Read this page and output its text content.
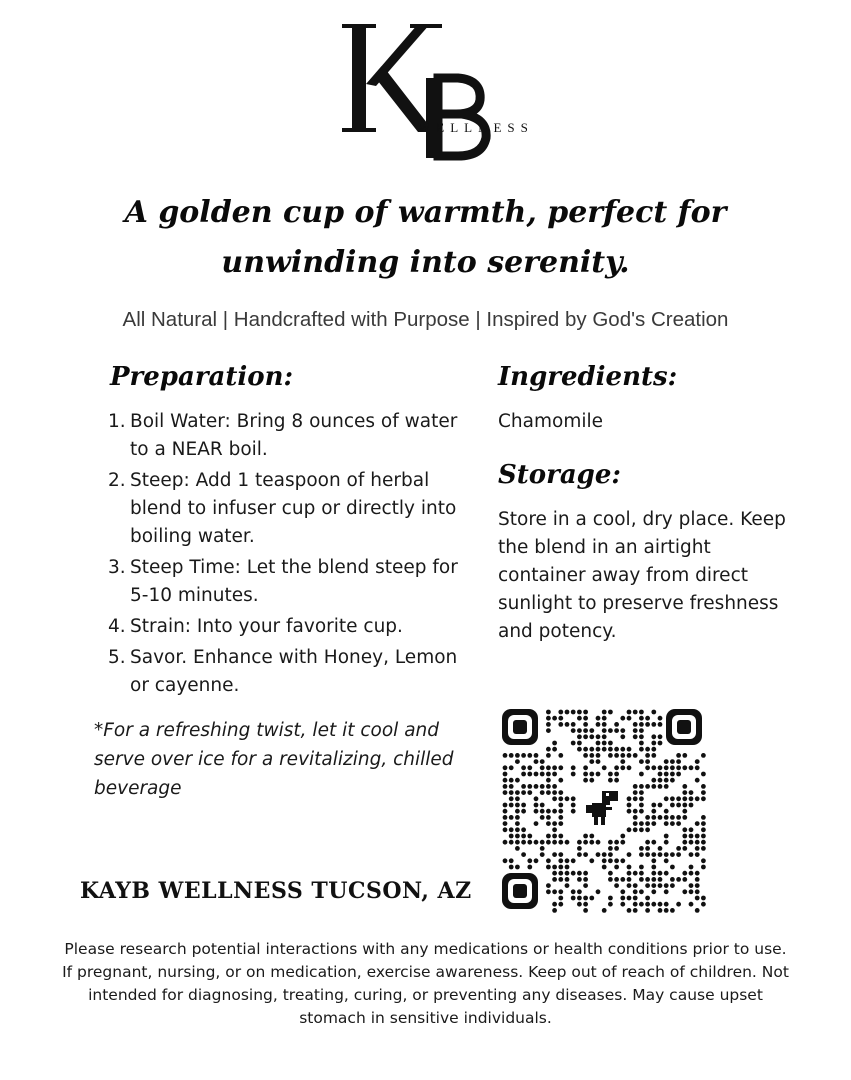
WELLNESS
A golden cup of warmth, perfect for unwinding into serenity.
All Natural | Handcrafted with Purpose | Inspired by God's Creation
Preparation:
1. Boil Water: Bring 8 ounces of water to a NEAR boil.
2. Steep: Add 1 teaspoon of herbal blend to infuser cup or directly into boiling water.
3. Steep Time: Let the blend steep for 5-10 minutes.
4. Strain: Into your favorite cup.
5. Savor. Enhance with Honey, Lemon or cayenne.
Ingredients:
Chamomile
Storage:
Store in a cool, dry place. Keep the blend in an airtight container away from direct sunlight to preserve freshness and potency.
*For a refreshing twist, let it cool and serve over ice for a revitalizing, chilled beverage
KAYB WELLNESS TUCSON, AZ
Please research potential interactions with any medications or health conditions prior to use. If pregnant, nursing, or on medication, exercise awareness. Keep out of reach of children. Not intended for diagnosing, treating, curing, or preventing any diseases. May cause upset stomach in sensitive individuals.
